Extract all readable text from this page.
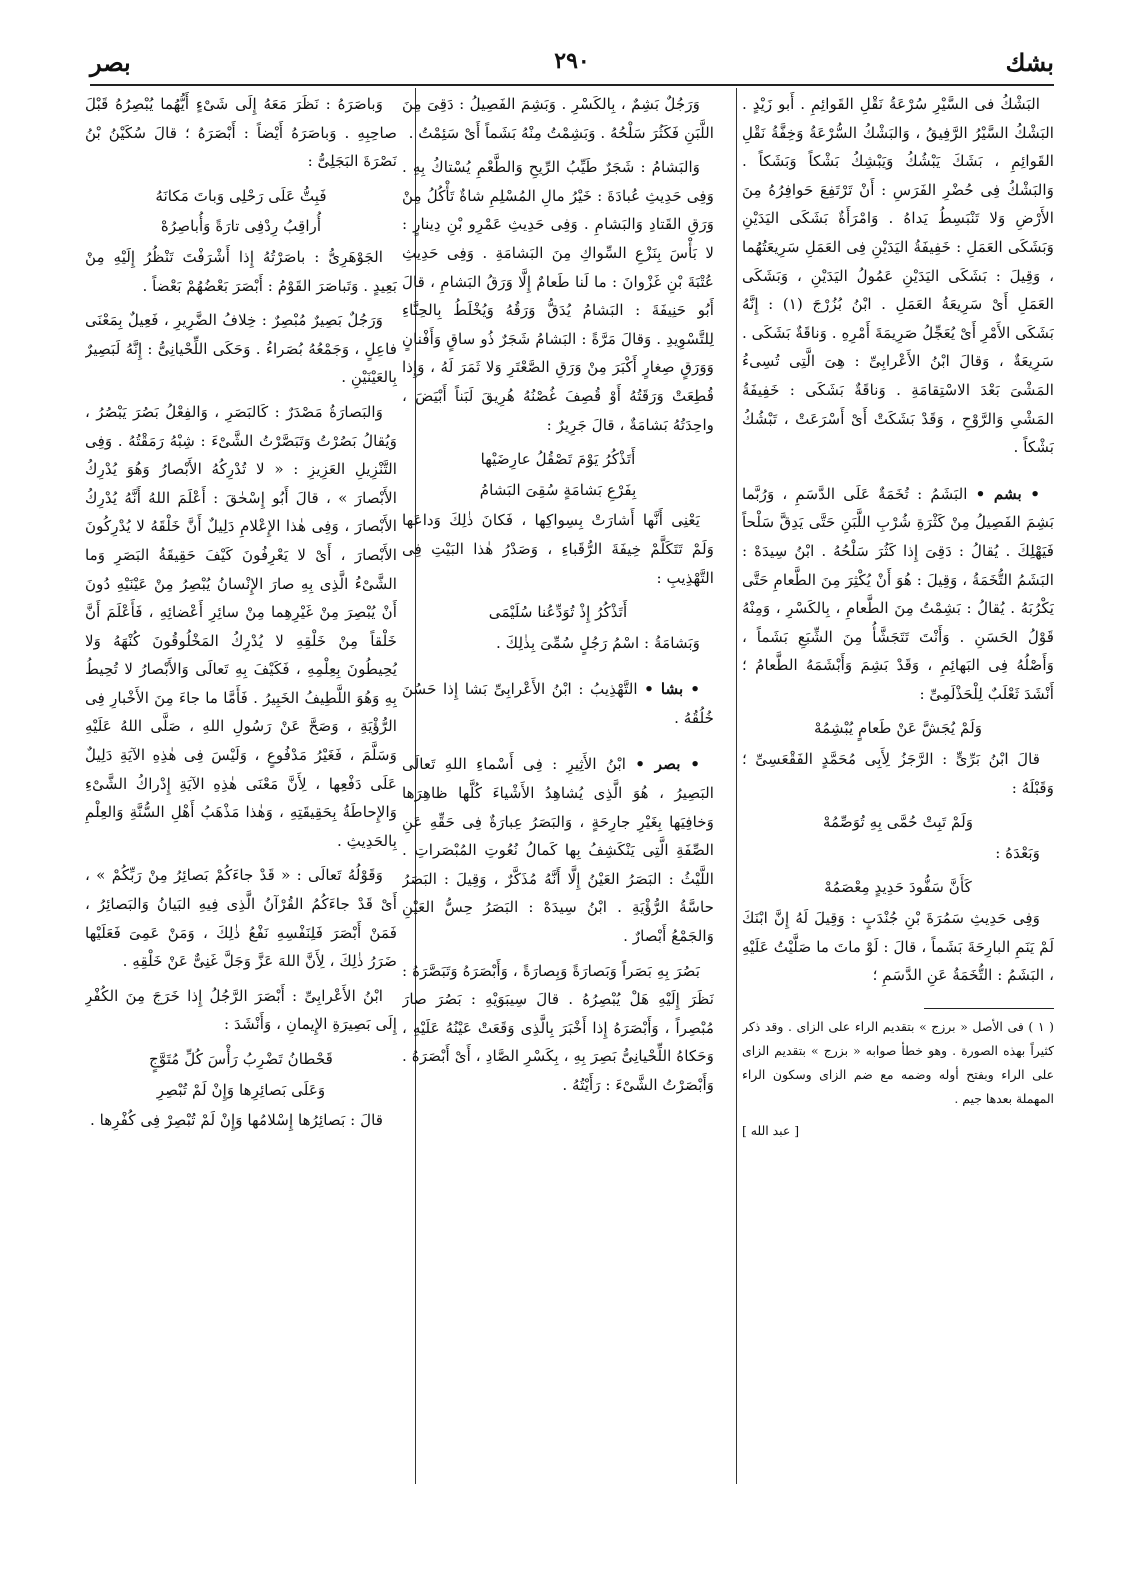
بشك
٢٩٠
بصر

البَشْكُ فى السَّيْرِ سُرْعَةُ نَقْلِ القَوائِمِ . أَبو زَيْدٍ . البَشْكُ السَّيْرُ الرَّفِيقُ ، وَالبَشْكُ السُّرْعَةُ وَخِفَّةُ نَقْلِ القَوائِمِ ، بَشَكَ يَبْشُكُ وَيَبْشِكُ بَشْكاً وَبَشَكاً . وَالبَشْكُ فِى حُضْرِ الفَرَسِ : أَنْ تَرْتَفِعَ حَوافِرُهُ مِنَ الأَرْضِ وَلا تَنْبَسِطُ يَداهُ . وَامْرَأَةٌ بَشَكَى اليَدَيْنِ وَبَشَكَى العَمَلِ : خَفِيفَةُ اليَدَيْنِ فِى العَمَلِ سَرِيعَتُهُما ، وَقِيلَ : بَشَكَى اليَدَيْنِ عَمُولُ اليَدَيْنِ ، وَبَشَكَى العَمَلِ أَىْ سَرِيعَةُ العَمَلِ . ابْنُ بُزُرْجَ (١) : إِنَّهُ بَشَكَى الأَمْرِ أَىْ يُعَجِّلُ صَرِيمَةَ أَمْرِهِ . وَناقَةٌ بَشَكَى . سَرِيعَةٌ ، وَقالَ ابْنُ الأَعْرابِىِّ : هِىَ الَّتِى تُسِىءُ المَشْىَ بَعْدَ الاسْتِقامَةِ . وَناقَةٌ بَشَكَى : خَفِيفَةُ المَشْىِ وَالرَّوْحِ ، وَقَدْ بَشَكَتْ أَىْ أَسْرَعَتْ ، تَبْشُكُ بَشْكاً .

• بشم • البَشَمُ : تُخَمَةٌ عَلَى الدَّسَمِ ، وَرُبَّما بَشِمَ الفَصِيلُ مِنْ كَثْرَةِ شُرْبِ اللَّبَنِ حَتَّى يَدِقَّ سَلْحاً فَيَهْلِكَ . يُقالُ : دَقِىَ إِذا كَثُرَ سَلْحُهُ . ابْنُ سِيدَهْ : البَشَمُ التُّخَمَةُ ، وَقِيلَ : هُوَ أَنْ يُكْثِرَ مِنَ الطَّعامِ حَتَّى يَكْرُبَهُ . يُقالُ : بَشِمْتُ مِنَ الطَّعامِ ، بِالكَسْرِ ، وَمِنْهُ قَوْلُ الحَسَنِ . وَأَنْتَ تَتَجَشَّأُ مِنَ الشِّبَعِ بَشَماً ، وَأَصْلُهُ فِى البَهائِمِ ، وَقَدْ بَشِمَ وَأَبْشَمَهُ الطَّعامُ ؛ أَنْشَدَ ثَعْلَبٌ لِلْحَذْلَمِىِّ :

وَلَمْ يُجَشَّ عَنْ طَعامٍ يُبْشِمُهْ

قالَ ابْنُ بَرِّىٍّ : الرَّجَزُ لِأَبِى مُحَمَّدٍ الفَقْعَسِىِّ ؛ وَقَبْلَهُ :

وَلَمْ تَبِتْ حُمَّى بِهِ تُوَصِّمُهْ

وَبَعْدَهُ :

كَأَنَّ سَفُّودَ حَدِيدٍ مِعْصَمُهْ

وَفِى حَدِيثِ سَمُرَةَ بْنِ جُنْدَبٍ : وَقِيلَ لَهُ إِنَّ ابْنَكَ لَمْ يَنَمِ البارِحَةَ بَشَماً ، قالَ : لَوْ ماتَ ما صَلَّيْتُ عَلَيْهِ ، البَشَمُ : التُّخَمَةُ عَنِ الدَّسَمِ ؛

( ١ ) فى الأصل « برزج » بتقديم الراء على الزاى . وقد ذكر كثيراً بهذه الصورة . وهو خطأ صوابه « بزرج » بتقديم الزاى على الراء وبفتح أوله وضمه مع ضم الزاى وسكون الراء المهملة بعدها جيم .

[ عبد الله ]

وَرَجُلٌ بَشِمٌ ، بِالكَسْرِ . وَبَشِمَ الفَصِيلُ : دَقِىَ مِنَ اللَّبَنِ فَكَثُرَ سَلْحُهُ . وَبَشِمْتُ مِنْهُ بَشَماً أَىْ سَئِمْتُ .

وَالبَشامُ : شَجَرٌ طَيِّبُ الرِّيحِ وَالطَّعْمِ يُسْتاكُ بِهِ . وَفِى حَدِيثِ عُبادَةَ : خَيْرُ مالِ المُسْلِمِ شاةٌ تَأْكُلُ مِنْ وَرَقِ القَتادِ وَالبَشامِ . وَفِى حَدِيثِ عَمْرِو بْنِ دِينارٍ : لا بَأْسَ بِنَزْعِ السِّواكِ مِنَ البَشامَةِ . وَفِى حَدِيثِ عُتْبَةَ بْنِ غَزْوانَ : ما لَنا طَعامٌ إِلَّا وَرَقُ البَشامِ ، قالَ أَبُو حَنِيفَةَ : البَشامُ يُدَقُّ وَرَقُهُ وَيُخْلَطُ بِالحِنَّاءِ لِلتَّسْوِيدِ . وَقالَ مَرَّةً : البَشامُ شَجَرٌ ذُو ساقٍ وَأَفْنانٍ وَوَرَقٍ صِغارٍ أَكْبَرَ مِنْ وَرَقِ الصَّعْتَرِ وَلا ثَمَرَ لَهُ ، وَإِذا قُطِعَتْ وَرَقَتُهُ أَوْ قُصِفَ غُصْنُهُ هُرِيقَ لَبَناً أَبْيَضَ ، واحِدَتُهُ بَشامَةٌ ، قالَ جَرِيرٌ :

أَتَذْكُرُ يَوْمَ تَصْقُلُ عارِضَيْها

بِفَرْعِ بَشامَةٍ سُقِىَ البَشامُ

يَعْنِى أَنَّها أَشارَتْ بِسِواكِها ، فَكانَ ذٰلِكَ وَداعَها وَلَمْ تَتَكَلَّمْ خِيفَةَ الرُّقَباءِ ، وَصَدْرُ هٰذا البَيْتِ فِى التَّهْذِيبِ :

أَتَذْكُرُ إِذْ تُوَدِّعُنا سُلَيْمَى

وَبَشامَةُ : اسْمُ رَجُلٍ سُمِّىَ بِذٰلِكَ .

• بشا • التَّهْذِيبُ : ابْنُ الأَعْرابِىِّ بَشا إِذا حَسُنَ خُلُقُهُ .

• بصر • ابْنُ الأَثِيرِ : فِى أَسْماءِ اللهِ تَعالَى البَصِيرُ ، هُوَ الَّذِى يُشاهِدُ الأَشْياءَ كُلَّها ظاهِرَها وَخافِيَها بِغَيْرِ جارِحَةٍ ، وَالبَصَرُ عِبارَةٌ فِى حَقِّهِ عَنِ الصِّفَةِ الَّتِى يَنْكَشِفُ بِها كَمالُ نُعُوتِ المُبْصَراتِ . اللَّيْثُ : البَصَرُ العَيْنُ إِلَّا أَنَّهُ مُذَكَّرٌ ، وَقِيلَ : البَصَرُ حاسَّةُ الرُّؤْيَةِ . ابْنُ سِيدَهْ : البَصَرُ حِسُّ العَيْنِ وَالجَمْعُ أَبْصارٌ .

بَصُرَ بِهِ بَصَراً وَبَصارَةً وَبِصارَةً ، وَأَبْصَرَهُ وَتَبَصَّرَهُ : نَظَرَ إِلَيْهِ هَلْ يُبْصِرُهُ . قالَ سِيبَوَيْهِ : بَصُرَ صارَ مُبْصِراً ، وَأَبْصَرَهُ إِذا أَخْبَرَ بِالَّذِى وَقَعَتْ عَيْنُهُ عَلَيْهِ ، وَحَكاهُ اللِّحْيانِىُّ بَصِرَ بِهِ ، بِكَسْرِ الصَّادِ ، أَىْ أَبْصَرَهُ . وَأَبْصَرْتُ الشَّىْءَ : رَأَيْتُهُ .

وَباصَرَهُ : نَظَرَ مَعَهُ إِلَى شَىْءٍ أَيُّهُما يُبْصِرُهُ قَبْلَ صاحِبِهِ . وَباصَرَهُ أَيْضاً : أَبْصَرَهُ ؛ قالَ سُكَيْنُ بْنُ نَصْرَةَ البَجَلِىُّ :

فَبِتُّ عَلَى رَحْلِى وَباتَ مَكانَهُ

أُراقِبُ رِدْفِى تارَةً وَأُباصِرُهْ

الجَوْهَرِىُّ : باصَرْتُهُ إِذا أَشْرَفْتَ تَنْظُرُ إِلَيْهِ مِنْ بَعِيدٍ . وَتَباصَرَ القَوْمُ : أَبْصَرَ بَعْضُهُمْ بَعْضاً .

وَرَجُلٌ بَصِيرٌ مُبْصِرٌ : خِلافُ الضَّرِيرِ ، فَعِيلٌ بِمَعْنَى فاعِلٍ ، وَجَمْعُهُ بُصَراءُ . وَحَكَى اللِّحْيانِىُّ : إِنَّهُ لَبَصِيرٌ بِالعَيْنَيْنِ .

وَالبَصارَةُ مَصْدَرٌ : كَالبَصَرِ ، وَالفِعْلُ بَصُرَ يَبْصُرُ ، وَيُقالُ بَصُرْتُ وَتَبَصَّرْتُ الشَّىْءَ : شِبْهُ رَمَقْتُهُ . وَفِى التَّنْزِيلِ العَزِيزِ : « لا تُدْرِكُهُ الأَبْصارُ وَهُوَ يُدْرِكُ الأَبْصارَ » ، قالَ أَبُو إِسْحٰقَ : أَعْلَمَ اللهُ أَنَّهُ يُدْرِكُ الأَبْصارَ ، وَفِى هٰذا الإِعْلامِ دَلِيلٌ أَنَّ خَلْقَهُ لا يُدْرِكُونَ الأَبْصارَ ، أَىْ لا يَعْرِفُونَ كَيْفَ حَقِيقَةُ البَصَرِ وَما الشَّىْءُ الَّذِى بِهِ صارَ الإِنْسانُ يُبْصِرُ مِنْ عَيْنَيْهِ دُونَ أَنْ يُبْصِرَ مِنْ غَيْرِهِما مِنْ سائِرِ أَعْضائِهِ ، فَأَعْلَمَ أَنَّ خَلْقاً مِنْ خَلْقِهِ لا يُدْرِكُ المَخْلُوقُونَ كُنْهَهُ وَلا يُحِيطُونَ بِعِلْمِهِ ، فَكَيْفَ بِهِ تَعالَى وَالأَبْصارُ لا تُحِيطُ بِهِ وَهُوَ اللَّطِيفُ الخَبِيرُ . فَأَمَّا ما جاءَ مِنَ الأَخْبارِ فِى الرُّؤْيَةِ ، وَصَحَّ عَنْ رَسُولِ اللهِ ، صَلَّى اللهُ عَلَيْهِ وَسَلَّمَ ، فَغَيْرُ مَدْفُوعٍ ، وَلَيْسَ فِى هٰذِهِ الآيَةِ دَلِيلٌ عَلَى دَفْعِها ، لِأَنَّ مَعْنَى هٰذِهِ الآيَةِ إِدْراكُ الشَّىْءِ وَالإِحاطَةُ بِحَقِيقَتِهِ ، وَهٰذا مَذْهَبُ أَهْلِ السُّنَّةِ وَالعِلْمِ بِالحَدِيثِ .

وَقَوْلُهُ تَعالَى : « قَدْ جاءَكُمْ بَصائِرُ مِنْ رَبِّكُمْ » ، أَىْ قَدْ جاءَكُمُ القُرْآنُ الَّذِى فِيهِ البَيانُ وَالبَصائِرُ ، فَمَنْ أَبْصَرَ فَلِنَفْسِهِ نَفْعُ ذٰلِكَ ، وَمَنْ عَمِىَ فَعَلَيْها ضَرَرُ ذٰلِكَ ، لِأَنَّ اللهَ عَزَّ وَجَلَّ غَنِىٌّ عَنْ خَلْقِهِ .

ابْنُ الأَعْرابِىِّ : أَبْصَرَ الرَّجُلُ إِذا خَرَجَ مِنَ الكُفْرِ إِلَى بَصِيرَةِ الإِيمانِ ، وَأَنْشَدَ :

قَحْطانُ تَضْرِبُ رَأْسَ كُلِّ مُتَوَّجٍ

وَعَلَى بَصائِرِها وَإِنْ لَمْ تُبْصِرِ

قالَ : بَصائِرُها إِسْلامُها وَإِنْ لَمْ تُبْصِرْ فِى كُفْرِها .
